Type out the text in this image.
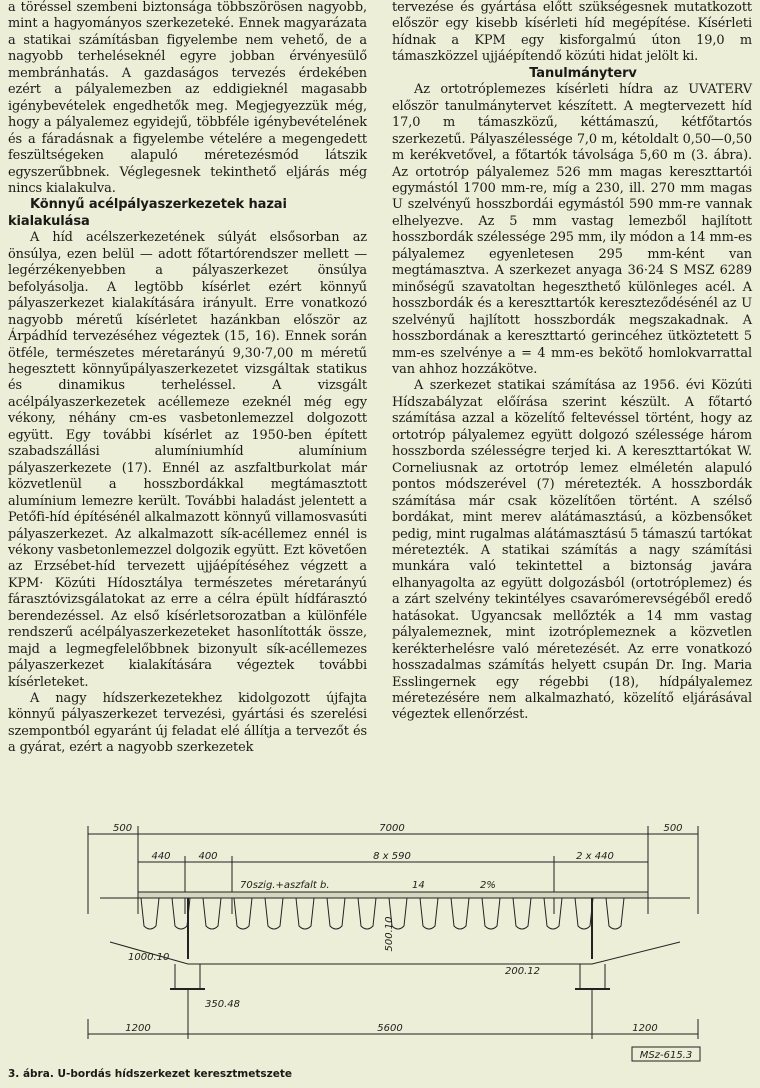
a töréssel szembeni biztonsága többszörösen nagyobb, mint a hagyományos szerkezeteké. Ennek magyarázata a statikai számításban figyelembe nem vehető, de a nagyobb terheléseknél egyre jobban érvényesülő membránhatás. A gazdaságos tervezés érdekében ezért a pályalemezben az eddigieknél magasabb igénybevételek engedhetők meg. Megjegyezzük még, hogy a pályalemez egyidejű, többféle igénybevételének és a fáradásnak a figyelembe vételére a megengedett feszültségeken alapuló méretezésmód látszik egyszerűbbnek. Véglegesnek tekinthető eljárás még nincs kialakulva.

Könnyű acélpályaszerkezetek hazai kialakulása

A híd acélszerkezetének súlyát elsősorban az önsúlya, ezen belül — adott főtartórendszer mellett — legérzékenyebben a pályaszerkezet önsúlya befolyásolja. A legtöbb kísérlet ezért könnyű pályaszerkezet kialakítására irányult. Erre vonatkozó nagyobb méretű kísérletet hazánkban először az Árpádhíd tervezéséhez végeztek (15, 16). Ennek során ötféle, természetes méretarányú 9,30·7,00 m méretű hegesztett könnyűpályaszerkezetet vizsgáltak statikus és dinamikus terheléssel. A vizsgált acélpályaszerkezetek acéllemeze ezeknél még egy vékony, néhány cm-es vasbetonlemezzel dolgozott együtt. Egy további kísérlet az 1950-ben épített szabadszállási alumíniumhíd alumínium pályaszerkezete (17). Ennél az aszfaltburkolat már közvetlenül a hosszbordákkal megtámasztott alumínium lemezre került. További haladást jelentett a Petőfi-híd építésénél alkalmazott könnyű villamosvasúti pályaszerkezet. Az alkalmazott sík-acéllemez ennél is vékony vasbetonlemezzel dolgozik együtt. Ezt követően az Erzsébet-híd tervezett ujjáépítéséhez végzett a KPM· Közúti Hídosztálya természetes méretarányú fárasztóvizsgálatokat az erre a célra épült hídfárasztó berendezéssel. Az első kísérletsorozatban a különféle rendszerű acélpályaszerkezeteket hasonlították össze, majd a legmegfelelőbbnek bizonyult sík-acéllemezes pályaszerkezet kialakítására végeztek további kísérleteket.

A nagy hídszerkezetekhez kidolgozott újfajta könnyű pályaszerkezet tervezési, gyártási és szerelési szempontból egyaránt új feladat elé állítja a tervezőt és a gyárat, ezért a nagyobb szerkezetek

tervezése és gyártása előtt szükségesnek mutatkozott először egy kisebb kísérleti híd megépítése. Kísérleti hídnak a KPM egy kisforgalmú úton 19,0 m támaszközzel ujjáépítendő közúti hidat jelölt ki.

Tanulmányterv

Az ortotróplemezes kísérleti hídra az UVATERV először tanulmánytervet készített. A megtervezett híd 17,0 m támaszközű, kéttámaszú, kétfőtartós szerkezetű. Pályaszélessége 7,0 m, kétoldalt 0,50—0,50 m kerékvetővel, a főtartók távolsága 5,60 m (3. ábra). Az ortotróp pályalemez 526 mm magas kereszttartói egymástól 1700 mm-re, míg a 230, ill. 270 mm magas U szelvényű hosszbordái egymástól 590 mm-re vannak elhelyezve. Az 5 mm vastag lemezből hajlított hosszbordák szélessége 295 mm, ily módon a 14 mm-es pályalemez egyenletesen 295 mm-ként van megtámasztva. A szerkezet anyaga 36·24 S MSZ 6289 minőségű szavatoltan hegeszthető különleges acél. A hosszbordák és a kereszttartók kereszteződésénél az U szelvényű hajlított hosszbordák megszakadnak. A hosszbordának a kereszttartó gerincéhez ütköztetett 5 mm-es szelvénye a = 4 mm-es bekötő homlokvarrattal van ahhoz hozzákötve.

A szerkezet statikai számítása az 1956. évi Közúti Hídszabályzat előírása szerint készült. A főtartó számítása azzal a közelítő feltevéssel történt, hogy az ortotróp pályalemez együtt dolgozó szélessége három hosszborda szélességre terjed ki. A kereszttartókat W. Corneliusnak az ortotróp lemez elméletén alapuló pontos módszerével (7) méretezték. A hosszbordák számítása már csak közelítően történt. A szélső bordákat, mint merev alátámasztású, a közbensőket pedig, mint rugalmas alátámasztású 5 támaszú tartókat méretezték. A statikai számítás a nagy számítási munkára való tekintettel a biztonság javára elhanyagolta az együtt dolgozásból (ortotróplemez) és a zárt szelvény tekintélyes csavarómerevségéből eredő hatásokat. Ugyancsak mellőzték a 14 mm vastag pályalemeznek, mint izotróplemeznek a közvetlen kerékterhelésre való méretezését. Az erre vonatkozó hosszadalmas számítás helyett csupán Dr. Ing. Maria Esslingernek egy régebbi (18), hídpályalemez méretezésére nem alkalmazható, közelítő eljárásával végeztek ellenőrzést.

500	7000	500
440	400	8 x 590	2 x 440
70szig.+aszfalt b.	14	2%
500.10
1000.10
350.48
200.12
1200	5600	1200
MSz-615.3
3. ábra. U-bordás hídszerkezet keresztmetszete
